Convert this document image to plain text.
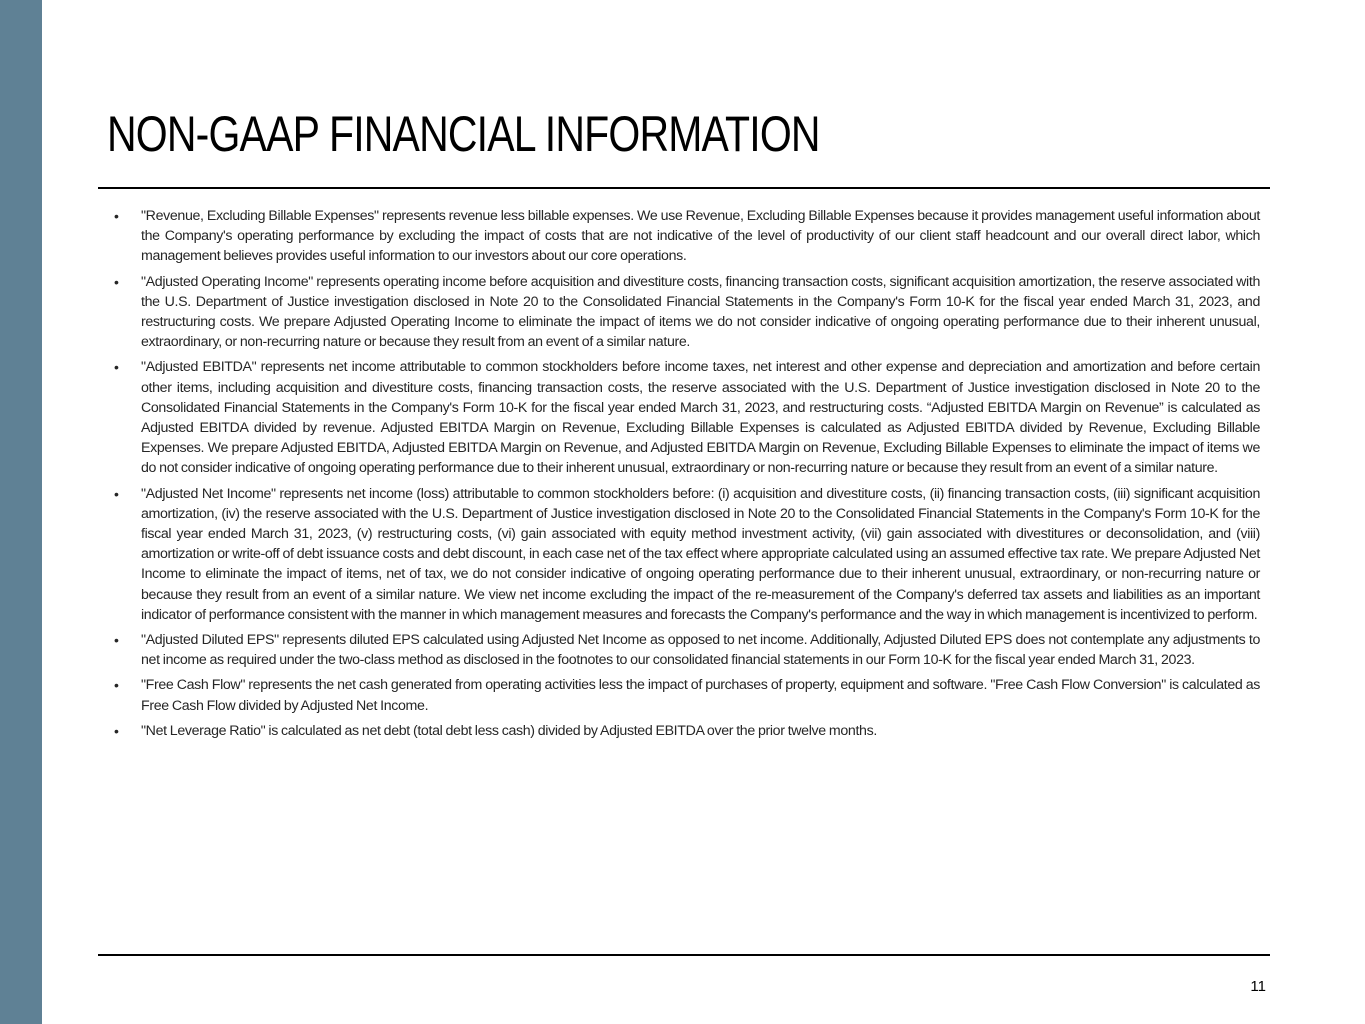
NON-GAAP FINANCIAL INFORMATION
• "Revenue, Excluding Billable Expenses" represents revenue less billable expenses. We use Revenue, Excluding Billable Expenses because it provides management useful information about the Company's operating performance by excluding the impact of costs that are not indicative of the level of productivity of our client staff headcount and our overall direct labor, which management believes provides useful information to our investors about our core operations.
• "Adjusted Operating Income" represents operating income before acquisition and divestiture costs, financing transaction costs, significant acquisition amortization, the reserve associated with the U.S. Department of Justice investigation disclosed in Note 20 to the Consolidated Financial Statements in the Company's Form 10-K for the fiscal year ended March 31, 2023, and restructuring costs. We prepare Adjusted Operating Income to eliminate the impact of items we do not consider indicative of ongoing operating performance due to their inherent unusual, extraordinary, or non-recurring nature or because they result from an event of a similar nature.
• "Adjusted EBITDA" represents net income attributable to common stockholders before income taxes, net interest and other expense and depreciation and amortization and before certain other items, including acquisition and divestiture costs, financing transaction costs, the reserve associated with the U.S. Department of Justice investigation disclosed in Note 20 to the Consolidated Financial Statements in the Company's Form 10-K for the fiscal year ended March 31, 2023, and restructuring costs. “Adjusted EBITDA Margin on Revenue” is calculated as Adjusted EBITDA divided by revenue. Adjusted EBITDA Margin on Revenue, Excluding Billable Expenses is calculated as Adjusted EBITDA divided by Revenue, Excluding Billable Expenses. We prepare Adjusted EBITDA, Adjusted EBITDA Margin on Revenue, and Adjusted EBITDA Margin on Revenue, Excluding Billable Expenses to eliminate the impact of items we do not consider indicative of ongoing operating performance due to their inherent unusual, extraordinary or non-recurring nature or because they result from an event of a similar nature.
• "Adjusted Net Income" represents net income (loss) attributable to common stockholders before: (i) acquisition and divestiture costs, (ii) financing transaction costs, (iii) significant acquisition amortization, (iv) the reserve associated with the U.S. Department of Justice investigation disclosed in Note 20 to the Consolidated Financial Statements in the Company's Form 10-K for the fiscal year ended March 31, 2023, (v) restructuring costs, (vi) gain associated with equity method investment activity, (vii) gain associated with divestitures or deconsolidation, and (viii) amortization or write-off of debt issuance costs and debt discount, in each case net of the tax effect where appropriate calculated using an assumed effective tax rate. We prepare Adjusted Net Income to eliminate the impact of items, net of tax, we do not consider indicative of ongoing operating performance due to their inherent unusual, extraordinary, or non-recurring nature or because they result from an event of a similar nature. We view net income excluding the impact of the re-measurement of the Company's deferred tax assets and liabilities as an important indicator of performance consistent with the manner in which management measures and forecasts the Company's performance and the way in which management is incentivized to perform.
• "Adjusted Diluted EPS" represents diluted EPS calculated using Adjusted Net Income as opposed to net income. Additionally, Adjusted Diluted EPS does not contemplate any adjustments to net income as required under the two-class method as disclosed in the footnotes to our consolidated financial statements in our Form 10-K for the fiscal year ended March 31, 2023.
• "Free Cash Flow" represents the net cash generated from operating activities less the impact of purchases of property, equipment and software. "Free Cash Flow Conversion" is calculated as Free Cash Flow divided by Adjusted Net Income.
• "Net Leverage Ratio" is calculated as net debt (total debt less cash) divided by Adjusted EBITDA over the prior twelve months.
11
